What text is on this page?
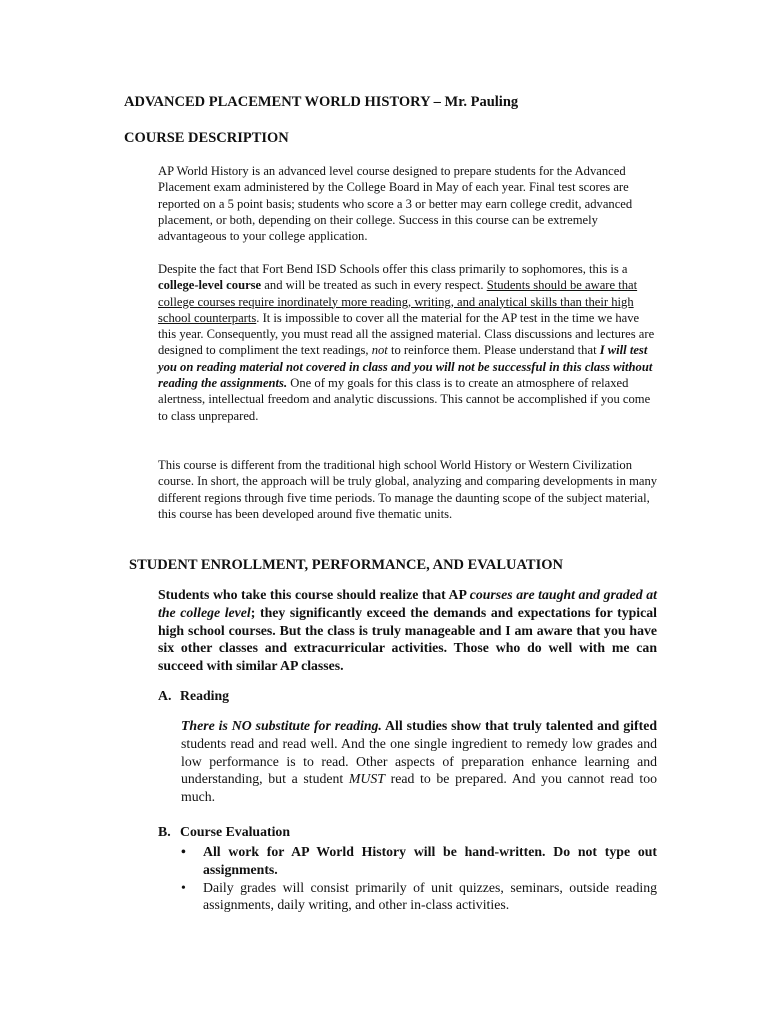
ADVANCED PLACEMENT WORLD HISTORY – Mr. Pauling
COURSE DESCRIPTION

AP World History is an advanced level course designed to prepare students for the Advanced Placement exam administered by the College Board in May of each year. Final test scores are reported on a 5 point basis; students who score a 3 or better may earn college credit, advanced placement, or both, depending on their college. Success in this course can be extremely advantageous to your college application.

Despite the fact that Fort Bend ISD Schools offer this class primarily to sophomores, this is a college-level course and will be treated as such in every respect. Students should be aware that college courses require inordinately more reading, writing, and analytical skills than their high school counterparts. It is impossible to cover all the material for the AP test in the time we have this year. Consequently, you must read all the assigned material. Class discussions and lectures are designed to compliment the text readings, not to reinforce them. Please understand that I will test you on reading material not covered in class and you will not be successful in this class without reading the assignments. One of my goals for this class is to create an atmosphere of relaxed alertness, intellectual freedom and analytic discussions. This cannot be accomplished if you come to class unprepared.

This course is different from the traditional high school World History or Western Civilization course. In short, the approach will be truly global, analyzing and comparing developments in many different regions through five time periods. To manage the daunting scope of the subject material, this course has been developed around five thematic units.

STUDENT ENROLLMENT, PERFORMANCE, AND EVALUATION

Students who take this course should realize that AP courses are taught and graded at the college level; they significantly exceed the demands and expectations for typical high school courses. But the class is truly manageable and I am aware that you have six other classes and extracurricular activities. Those who do well with me can succeed with similar AP classes.

A. Reading

There is NO substitute for reading. All studies show that truly talented and gifted students read and read well. And the one single ingredient to remedy low grades and low performance is to read. Other aspects of preparation enhance learning and understanding, but a student MUST read to be prepared. And you cannot read too much.

B. Course Evaluation
• All work for AP World History will be hand-written. Do not type out assignments.
• Daily grades will consist primarily of unit quizzes, seminars, outside reading assignments, daily writing, and other in-class activities.
